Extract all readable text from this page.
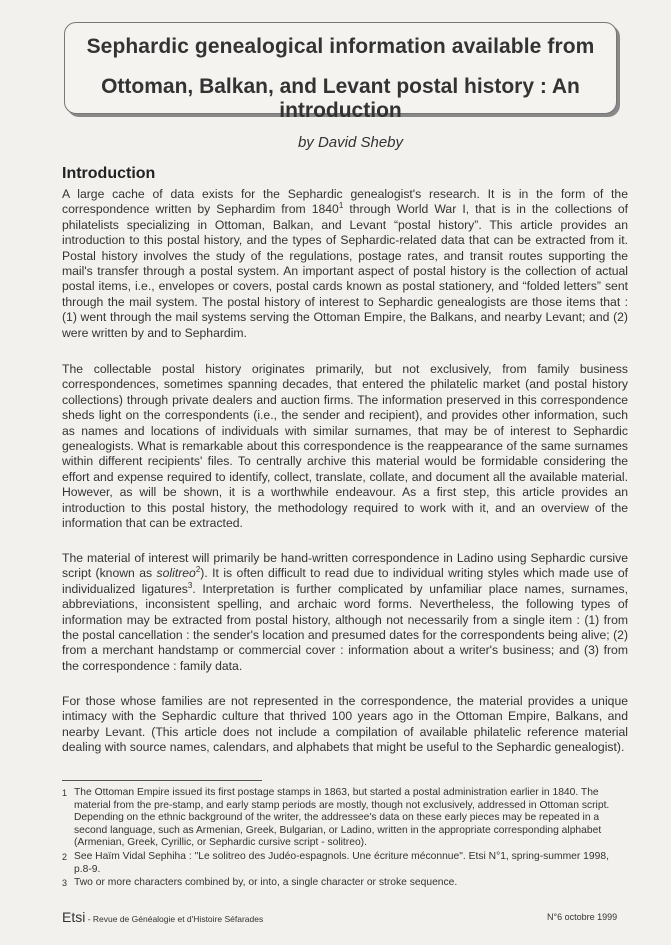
Sephardic genealogical information available from
Ottoman, Balkan, and Levant postal history : An introduction
by David Sheby
Introduction
A large cache of data exists for the Sephardic genealogist's research. It is in the form of the correspondence written by Sephardim from 1840$^1$ through World War I, that is in the collections of philatelists specializing in Ottoman, Balkan, and Levant “postal history”. This article provides an introduction to this postal history, and the types of Sephardic-related data that can be extracted from it. Postal history involves the study of the regulations, postage rates, and transit routes supporting the mail's transfer through a postal system. An important aspect of postal history is the collection of actual postal items, i.e., envelopes or covers, postal cards known as postal stationery, and “folded letters” sent through the mail system. The postal history of interest to Sephardic genealogists are those items that : (1) went through the mail systems serving the Ottoman Empire, the Balkans, and nearby Levant; and (2) were written by and to Sephardim.
The collectable postal history originates primarily, but not exclusively, from family business correspondences, sometimes spanning decades, that entered the philatelic market (and postal history collections) through private dealers and auction firms. The information preserved in this correspondence sheds light on the correspondents (i.e., the sender and recipient), and provides other information, such as names and locations of individuals with similar surnames, that may be of interest to Sephardic genealogists. What is remarkable about this correspondence is the reappearance of the same surnames within different recipients' files. To centrally archive this material would be formidable considering the effort and expense required to identify, collect, translate, collate, and document all the available material. However, as will be shown, it is a worthwhile endeavour. As a first step, this article provides an introduction to this postal history, the methodology required to work with it, and an overview of the information that can be extracted.
The material of interest will primarily be hand-written correspondence in Ladino using Sephardic cursive script (known as solitreo$^2$). It is often difficult to read due to individual writing styles which made use of individualized ligatures$^3$. Interpretation is further complicated by unfamiliar place names, surnames, abbreviations, inconsistent spelling, and archaic word forms. Nevertheless, the following types of information may be extracted from postal history, although not necessarily from a single item : (1) from the postal cancellation : the sender's location and presumed dates for the correspondents being alive; (2) from a merchant handstamp or commercial cover : information about a writer's business; and (3) from the correspondence : family data.
For those whose families are not represented in the correspondence, the material provides a unique intimacy with the Sephardic culture that thrived 100 years ago in the Ottoman Empire, Balkans, and nearby Levant. (This article does not include a compilation of available philatelic reference material dealing with source names, calendars, and alphabets that might be useful to the Sephardic genealogist).
1 The Ottoman Empire issued its first postage stamps in 1863, but started a postal administration earlier in 1840. The material from the pre-stamp, and early stamp periods are mostly, though not exclusively, addressed in Ottoman script. Depending on the ethnic background of the writer, the addressee's data on these early pieces may be repeated in a second language, such as Armenian, Greek, Bulgarian, or Ladino, written in the appropriate corresponding alphabet (Armenian, Greek, Cyrillic, or Sephardic cursive script - solitreo).
2 See Haïm Vidal Sephiha : "Le solitreo des Judéo-espagnols. Une écriture méconnue". Etsi N°1, spring-summer 1998, p.8-9.
3 Two or more characters combined by, or into, a single character or stroke sequence.
Etsi - Revue de Généalogie et d'Histoire Séfarades	N°6 octobre 1999
